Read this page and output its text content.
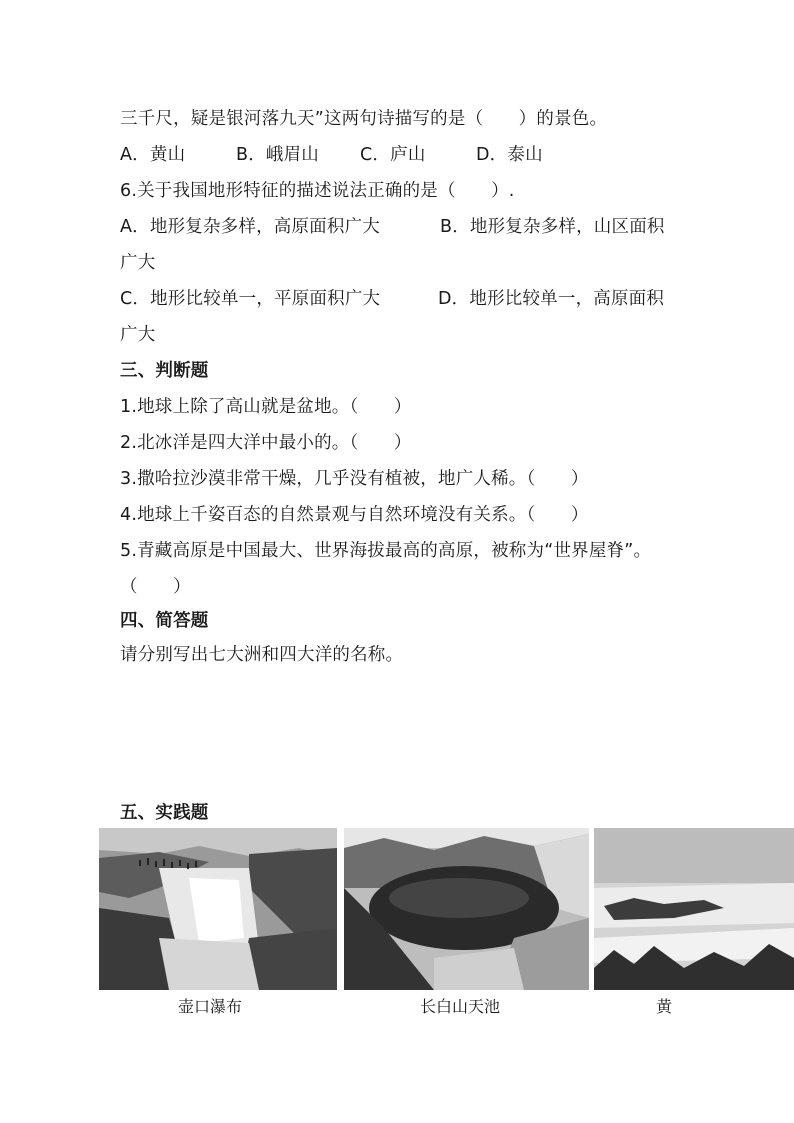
三千尺，疑是银河落九天”这两句诗描写的是（　　）的景色。
A．黄山	B．峨眉山 C．庐山	D．泰山
6.关于我国地形特征的描述说法正确的是（　　）.
A．地形复杂多样，高原面积广大	B．地形复杂多样，山区面积
广大
C．地形比较单一，平原面积广大	D．地形比较单一，高原面积
广大
三、判断题
1.地球上除了高山就是盆地。（　　）
2.北冰洋是四大洋中最小的。（　　）
3.撒哈拉沙漠非常干燥，几乎没有植被，地广人稀。（　　）
4.地球上千姿百态的自然景观与自然环境没有关系。（　　）
5.青藏高原是中国最大、世界海拔最高的高原，被称为“世界屋脊”。
（　　）
四、简答题
请分别写出七大洲和四大洋的名称。
五、实践题
壶口瀑布	长白山天池	黄
